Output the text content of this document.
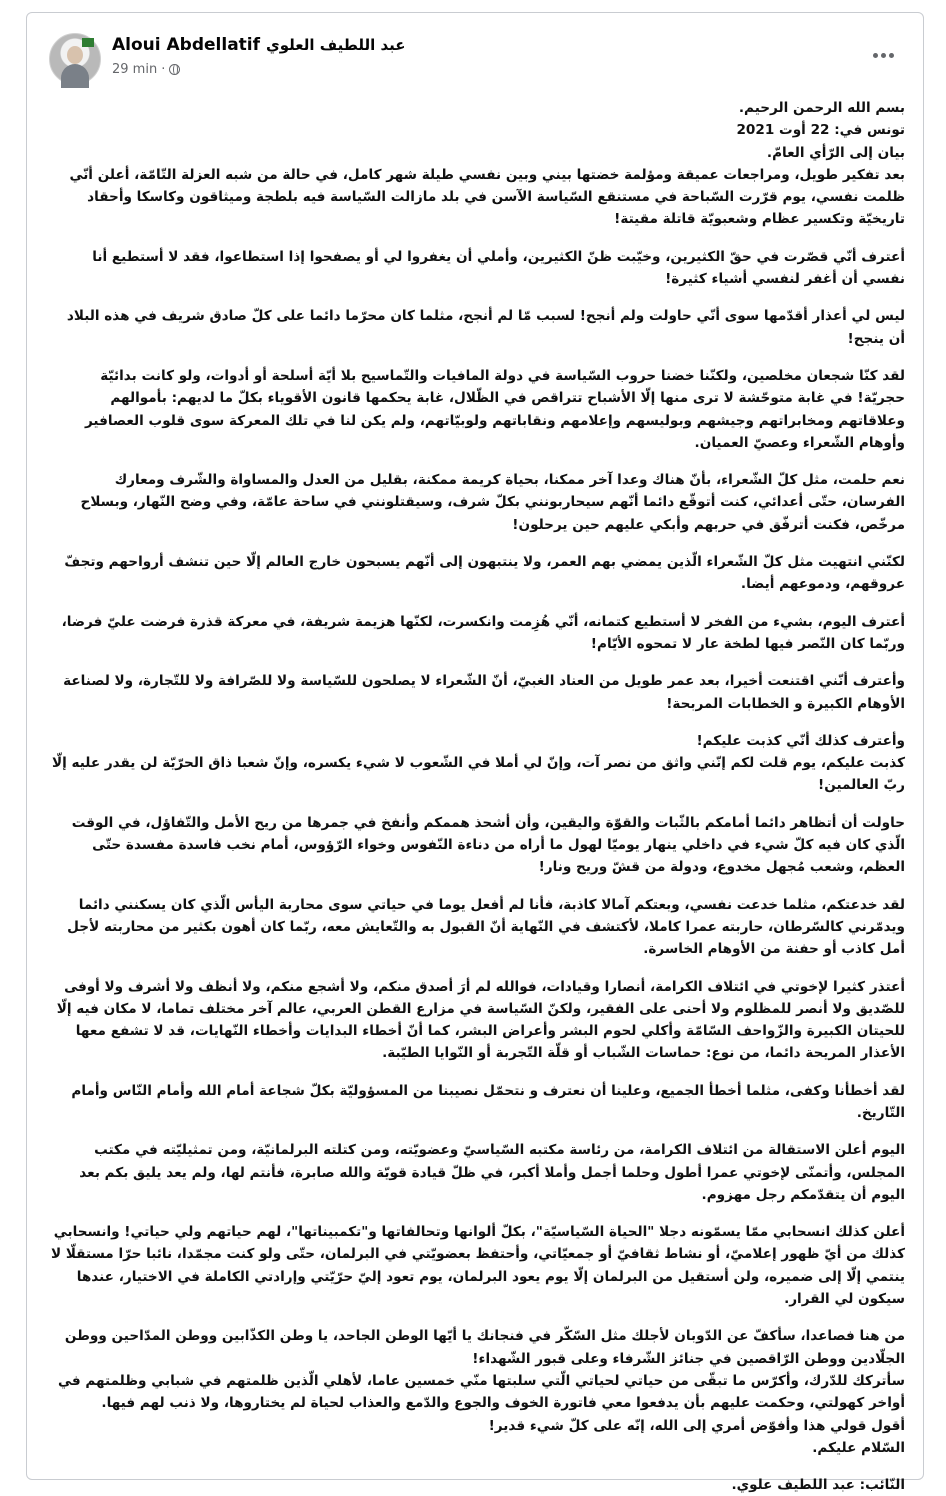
Aloui Abdellatif عبد اللطيف العلوي
29 min ·

بسم الله الرحمن الرحيم.

تونس في: 22 أوت 2021

بيان إلى الرّأي العامّ.

بعد تفكير طويل، ومراجعات عميقة ومؤلمة خضتها بيني وبين نفسي طيلة شهر كامل، في حالة من شبه العزلة التّامّة، أعلن أنّي ظلمت نفسي، يوم قرّرت السّباحة في مستنقع السّياسة الآسن في بلد مازالت السّياسة فيه بلطجة وميثاقون وكاسكا وأحقاد تاريخيّة وتكسير عظام وشعبويّة قاتلة مقيتة!

أعترف أنّي قصّرت في حقّ الكثيرين، وخيّبت ظنّ الكثيرين، وأملي أن يغفروا لي أو يصفحوا إذا استطاعوا، فقد لا أستطيع أنا نفسي أن أغفر لنفسي أشياء كثيرة!

ليس لي أعذار أقدّمها سوى أنّي حاولت ولم أنجح! لسبب مّا لم أنجح، مثلما كان محرّما دائما على كلّ صادق شريف في هذه البلاد أن ينجح!

لقد كنّا شجعان مخلصين، ولكنّنا خضنا حروب السّياسة في دولة المافيات والتّماسيح بلا أيّة أسلحة أو أدوات، ولو كانت بدائيّة حجريّة! في غابة متوحّشة لا ترى منها إلّا الأشباح تتراقص في الظّلال، غابة يحكمها قانون الأقوياء بكلّ ما لديهم: بأموالهم وعلاقاتهم ومخابراتهم وجيشهم وبوليسهم وإعلامهم ونقاباتهم ولوبيّاتهم، ولم يكن لنا في تلك المعركة سوى قلوب العصافير وأوهام الشّعراء وعصيّ العميان.

نعم حلمت، مثل كلّ الشّعراء، بأنّ هناك وعدا آخر ممكنا، بحياة كريمة ممكنة، بقليل من العدل والمساواة والشّرف ومعارك الفرسان، حتّى أعدائي، كنت أتوقّع دائما أنّهم سيحاربونني بكلّ شرف، وسيقتلونني في ساحة عامّة، وفي وضح النّهار، وبسلاح مرخّص، فكنت أترفّق في حربهم وأبكي عليهم حين يرحلون!

لكنّني انتهيت مثل كلّ الشّعراء الّذين يمضي بهم العمر، ولا ينتبهون إلى أنّهم يسبحون خارج العالم إلّا حين تنشف أرواحهم وتجفّ عروقهم، ودموعهم أيضا.

أعترف اليوم، بشيء من الفخر لا أستطيع كتمانه، أنّي هُزِمت وانكسرت، لكنّها هزيمة شريفة، في معركة قذرة فرضت عليّ فرضا، وربّما كان النّصر فيها لطخة عار لا تمحوه الأيّام!

وأعترف أنّني اقتنعت أخيرا، بعد عمر طويل من العناد الغبيّ، أنّ الشّعراء لا يصلحون للسّياسة ولا للصّرافة ولا للتّجارة، ولا لصناعة الأوهام الكبيرة و الخطابات المربحة!

وأعترف كذلك أنّي كذبت عليكم!

كذبت عليكم، يوم قلت لكم إنّني واثق من نصر آت، وإنّ لي أملا في الشّعوب لا شيء يكسره، وإنّ شعبا ذاق الحرّيّة لن يقدر عليه إلّا ربّ العالمين!

حاولت أن أتظاهر دائما أمامكم بالثّبات والقوّة واليقين، وأن أشحذ هممكم وأنفخ في جمرها من ريح الأمل والتّفاؤل، في الوقت الّذي كان فيه كلّ شيء في داخلي ينهار يوميّا لهول ما أراه من دناءة النّفوس وخواء الرّؤوس، أمام نخب فاسدة مفسدة حتّى العظم، وشعب مُجهل مخدوع، ودولة من قشّ وريح ونار!

لقد خدعتكم، مثلما خدعت نفسي، وبعتكم آمالا كاذبة، فأنا لم أفعل يوما في حياتي سوى محاربة اليأس الّذي كان يسكنني دائما ويدمّرني كالسّرطان، حاربته عمرا كاملا، لأكتشف في النّهاية أنّ القبول به والتّعايش معه، ربّما كان أهون بكثير من محاربته لأجل أمل كاذب أو حفنة من الأوهام الخاسرة.

أعتذر كثيرا لإخوتي في ائتلاف الكرامة، أنصارا وقيادات، فوالله لم أرَ أصدق منكم، ولا أشجع منكم، ولا أنظف ولا أشرف ولا أوفى للصّديق ولا أنصر للمظلوم ولا أحنى على الفقير، ولكنّ السّياسة في مزارع القطن العربي، عالم آخر مختلف تماما، لا مكان فيه إلّا للحيتان الكبيرة والزّواحف السّامّة وأكلي لحوم البشر وأعراض البشر، كما أنّ أخطاء البدايات وأخطاء النّهايات، قد لا تشفع معها الأعذار المريحة دائما، من نوع: حماسات الشّباب أو قلّة التّجربة أو النّوايا الطيّبة.

لقد أخطأنا وكفى، مثلما أخطأ الجميع، وعلينا أن نعترف و نتحمّل نصيبنا من المسؤوليّة بكلّ شجاعة أمام الله وأمام النّاس وأمام التّاريخ.

اليوم أعلن الاستقالة من ائتلاف الكرامة، من رئاسة مكتبه السّياسيّ وعضويّته، ومن كتلته البرلمانيّة، ومن تمثيليّته في مكتب المجلس، وأتمنّى لإخوتي عمرا أطول وحلما أجمل وأملا أكبر، في ظلّ قيادة قويّة والله صابرة، فأنتم لها، ولم يعد يليق بكم بعد اليوم أن يتقدّمكم رجل مهزوم.

أعلن كذلك انسحابي ممّا يسمّونه دجلا "الحياة السّياسيّة"، بكلّ ألوانها وتحالفاتها و"تكمبيناتها"، لهم حياتهم ولي حياتي! وانسحابي كذلك من أيّ ظهور إعلاميّ، أو نشاط ثقافيّ أو جمعيّاتي، وأحتفظ بعضويّتي في البرلمان، حتّى ولو كنت مجمّدا، نائبا حرّا مستقلّا لا ينتمي إلّا إلى ضميره، ولن أستقيل من البرلمان إلّا يوم يعود البرلمان، يوم تعود إليّ حرّيّتي وإرادتي الكاملة في الاختيار، عندها سيكون لي القرار.

من هنا فصاعدا، سأكفّ عن الدّوبان لأجلك مثل السّكّر في فنجانك يا أيّها الوطن الجاحد، يا وطن الكذّابين ووطن المدّاحين ووطن الجلّادين ووطن الرّاقصين في جنائز الشّرفاء وعلى قبور الشّهداء!

سأتركك للدّرك، وأكرّس ما تبقّى من حياتي لحياتي الّتي سلبتها منّي خمسين عاما، لأهلي الّذين ظلمتهم في شبابي وظلمتهم في أواخر كهولتي، وحكمت عليهم بأن يدفعوا معي فاتورة الخوف والجوع والدّمع والعذاب لحياة لم يختاروها، ولا ذنب لهم فيها.

أقول قولي هذا وأفوّض أمري إلى الله، إنّه على كلّ شيء قدير!

السّلام عليكم.

النّائب: عبد اللطيف علوي.
